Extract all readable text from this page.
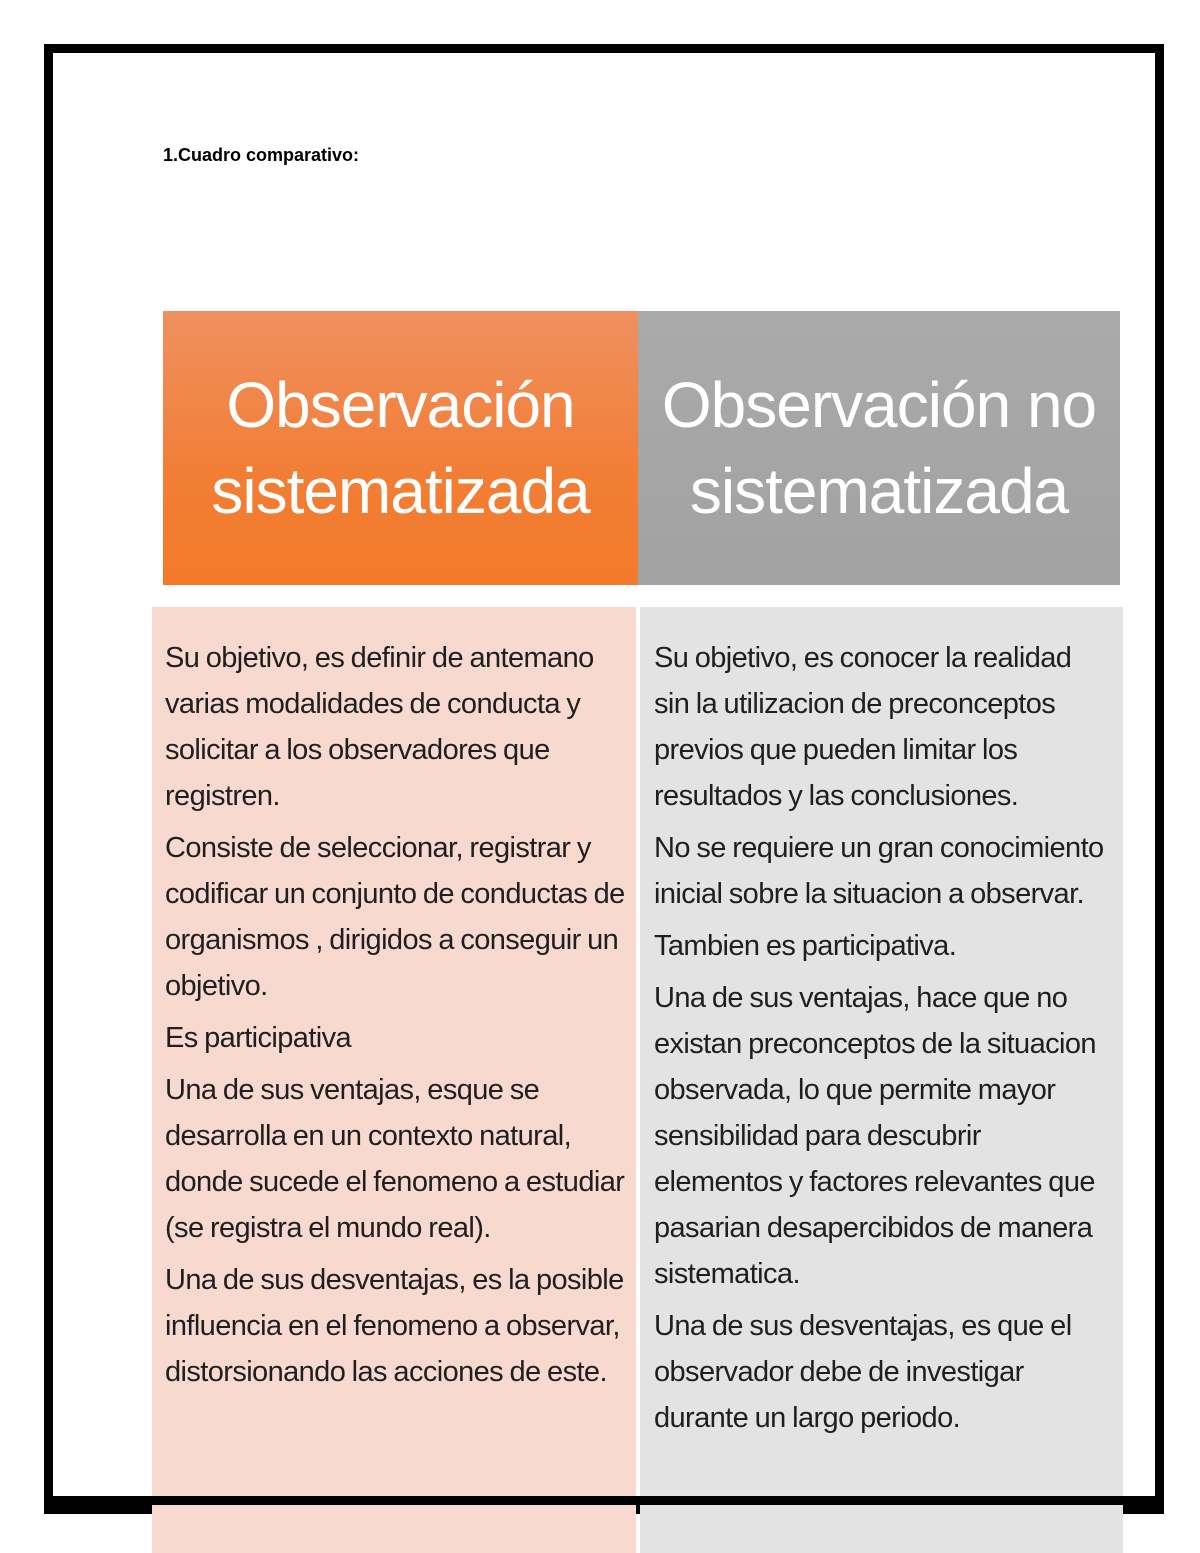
1.Cuadro comparativo:
Observación
sistematizada
Observación no
sistematizada

Su objetivo, es definir de antemano varias modalidades de conducta y solicitar a los observadores que registren.

Consiste de seleccionar, registrar y codificar un conjunto de conductas de organismos , dirigidos a conseguir un objetivo.

Es participativa

Una de sus ventajas, esque se desarrolla en un contexto natural, donde sucede el fenomeno a estudiar (se registra el mundo real).

Una de sus desventajas, es la posible influencia en el fenomeno a observar, distorsionando las acciones de este.

Su objetivo, es conocer la realidad sin la utilizacion de preconceptos previos que pueden limitar los resultados y las conclusiones.

No se requiere un gran conocimiento inicial sobre la situacion a observar.

Tambien es participativa.

Una de sus ventajas, hace que no existan preconceptos de la situacion observada, lo que permite mayor sensibilidad para descubrir elementos y factores relevantes que pasarian desapercibidos de manera sistematica.

Una de sus desventajas, es que el observador debe de investigar durante un largo periodo.
